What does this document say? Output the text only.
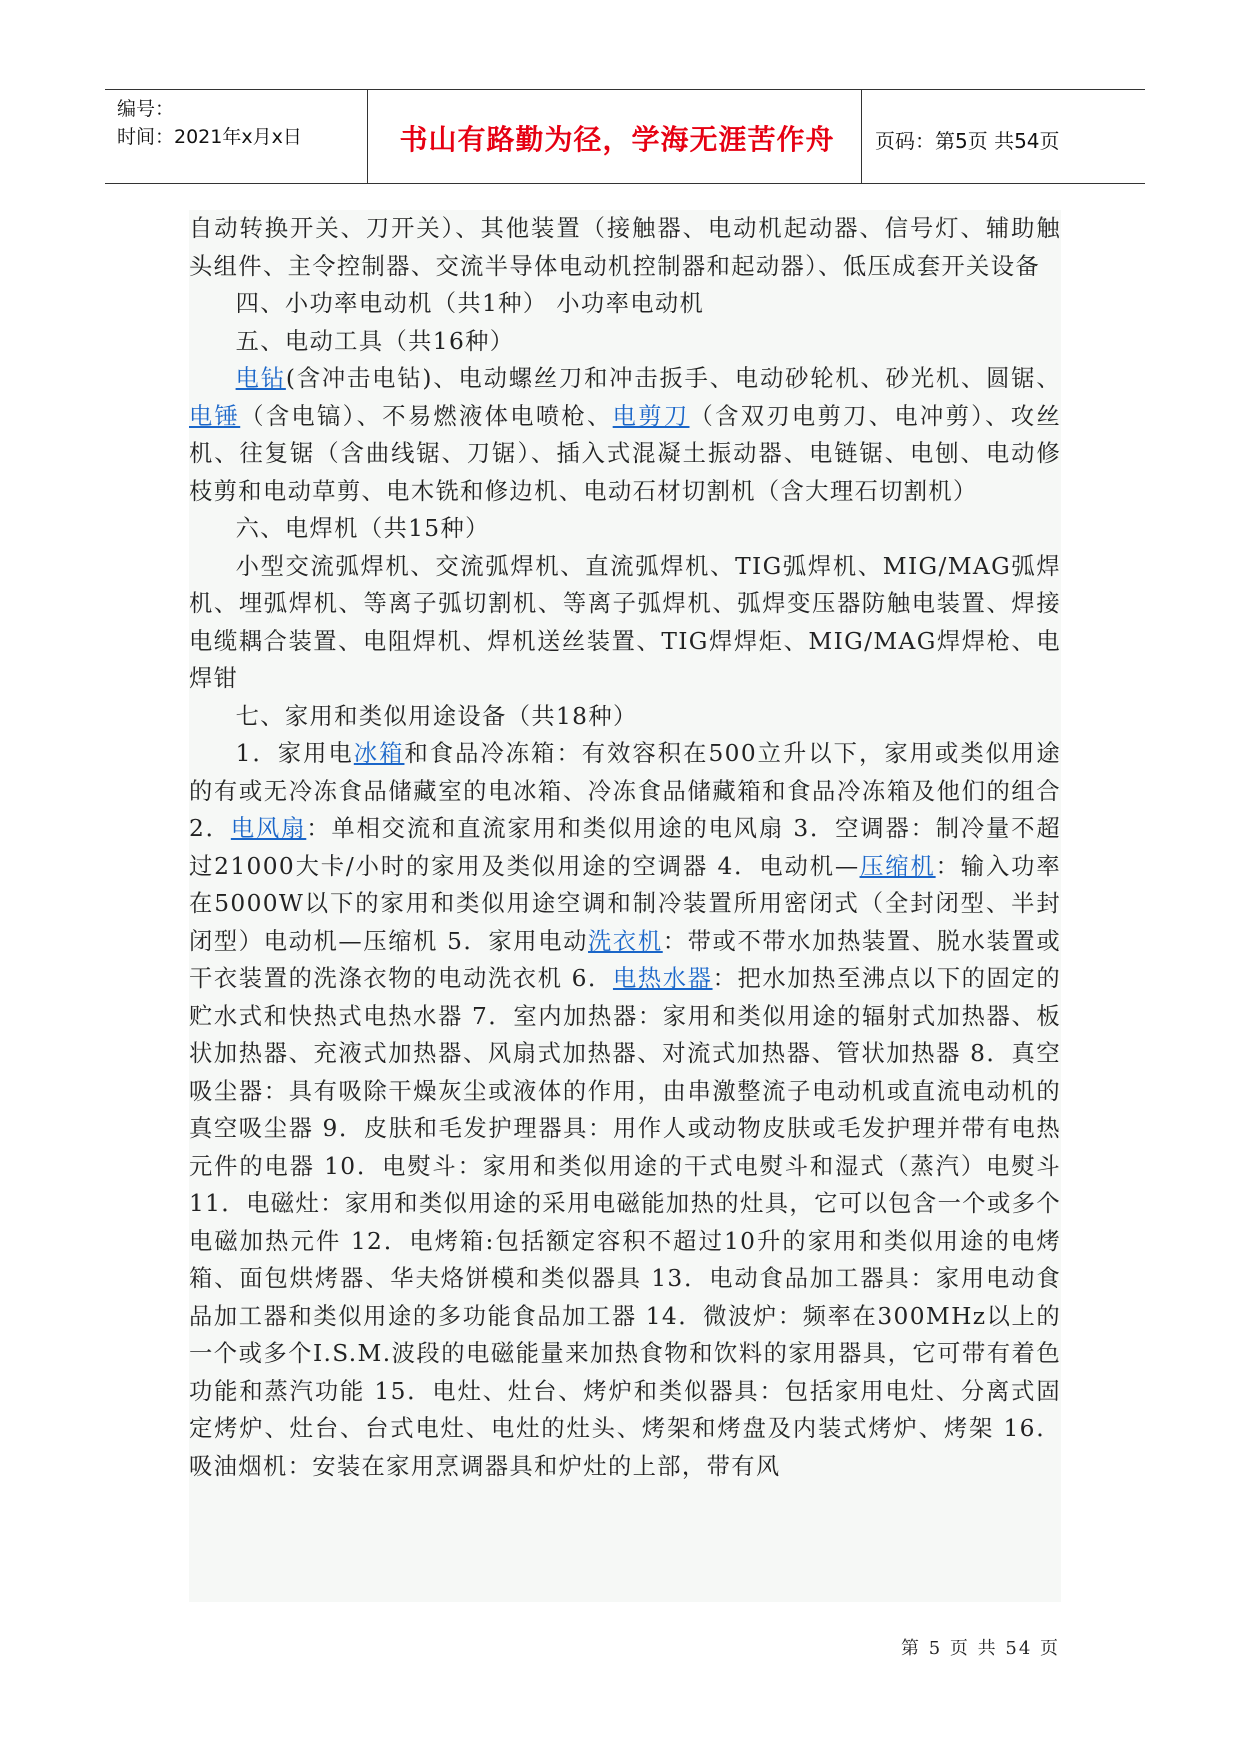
编号：
时间：2021年x月x日	书山有路勤为径，学海无涯苦作舟	页码：第5页 共54页

自动转换开关、刀开关）、其他装置（接触器、电动机起动器、信号灯、辅助触头组件、主令控制器、交流半导体电动机控制器和起动器）、低压成套开关设备

四、小功率电动机（共1种） 小功率电动机

五、电动工具（共16种）

电钻(含冲击电钻)、电动螺丝刀和冲击扳手、电动砂轮机、砂光机、圆锯、电锤（含电镐）、不易燃液体电喷枪、电剪刀（含双刃电剪刀、电冲剪）、攻丝机、往复锯（含曲线锯、刀锯）、插入式混凝土振动器、电链锯、电刨、电动修枝剪和电动草剪、电木铣和修边机、电动石材切割机（含大理石切割机）

六、电焊机（共15种）

小型交流弧焊机、交流弧焊机、直流弧焊机、TIG弧焊机、MIG/MAG弧焊机、埋弧焊机、等离子弧切割机、等离子弧焊机、弧焊变压器防触电装置、焊接电缆耦合装置、电阻焊机、焊机送丝装置、TIG焊焊炬、MIG/MAG焊焊枪、电焊钳

七、家用和类似用途设备（共18种）

1．家用电冰箱和食品冷冻箱：有效容积在500立升以下，家用或类似用途的有或无冷冻食品储藏室的电冰箱、冷冻食品储藏箱和食品冷冻箱及他们的组合 2．电风扇：单相交流和直流家用和类似用途的电风扇 3．空调器：制冷量不超过21000大卡/小时的家用及类似用途的空调器 4．电动机—压缩机：输入功率在5000W以下的家用和类似用途空调和制冷装置所用密闭式（全封闭型、半封闭型）电动机—压缩机 5．家用电动洗衣机：带或不带水加热装置、脱水装置或干衣装置的洗涤衣物的电动洗衣机 6．电热水器：把水加热至沸点以下的固定的贮水式和快热式电热水器 7．室内加热器：家用和类似用途的辐射式加热器、板状加热器、充液式加热器、风扇式加热器、对流式加热器、管状加热器 8．真空吸尘器：具有吸除干燥灰尘或液体的作用，由串激整流子电动机或直流电动机的真空吸尘器 9．皮肤和毛发护理器具：用作人或动物皮肤或毛发护理并带有电热元件的电器 10．电熨斗：家用和类似用途的干式电熨斗和湿式（蒸汽）电熨斗 11．电磁灶：家用和类似用途的采用电磁能加热的灶具，它可以包含一个或多个电磁加热元件 12．电烤箱:包括额定容积不超过10升的家用和类似用途的电烤箱、面包烘烤器、华夫烙饼模和类似器具 13．电动食品加工器具：家用电动食品加工器和类似用途的多功能食品加工器 14．微波炉：频率在300MHz以上的一个或多个I.S.M.波段的电磁能量来加热食物和饮料的家用器具，它可带有着色功能和蒸汽功能 15．电灶、灶台、烤炉和类似器具：包括家用电灶、分离式固定烤炉、灶台、台式电灶、电灶的灶头、烤架和烤盘及内装式烤炉、烤架 16．吸油烟机：安装在家用烹调器具和炉灶的上部，带有风

第 5 页 共 54 页
